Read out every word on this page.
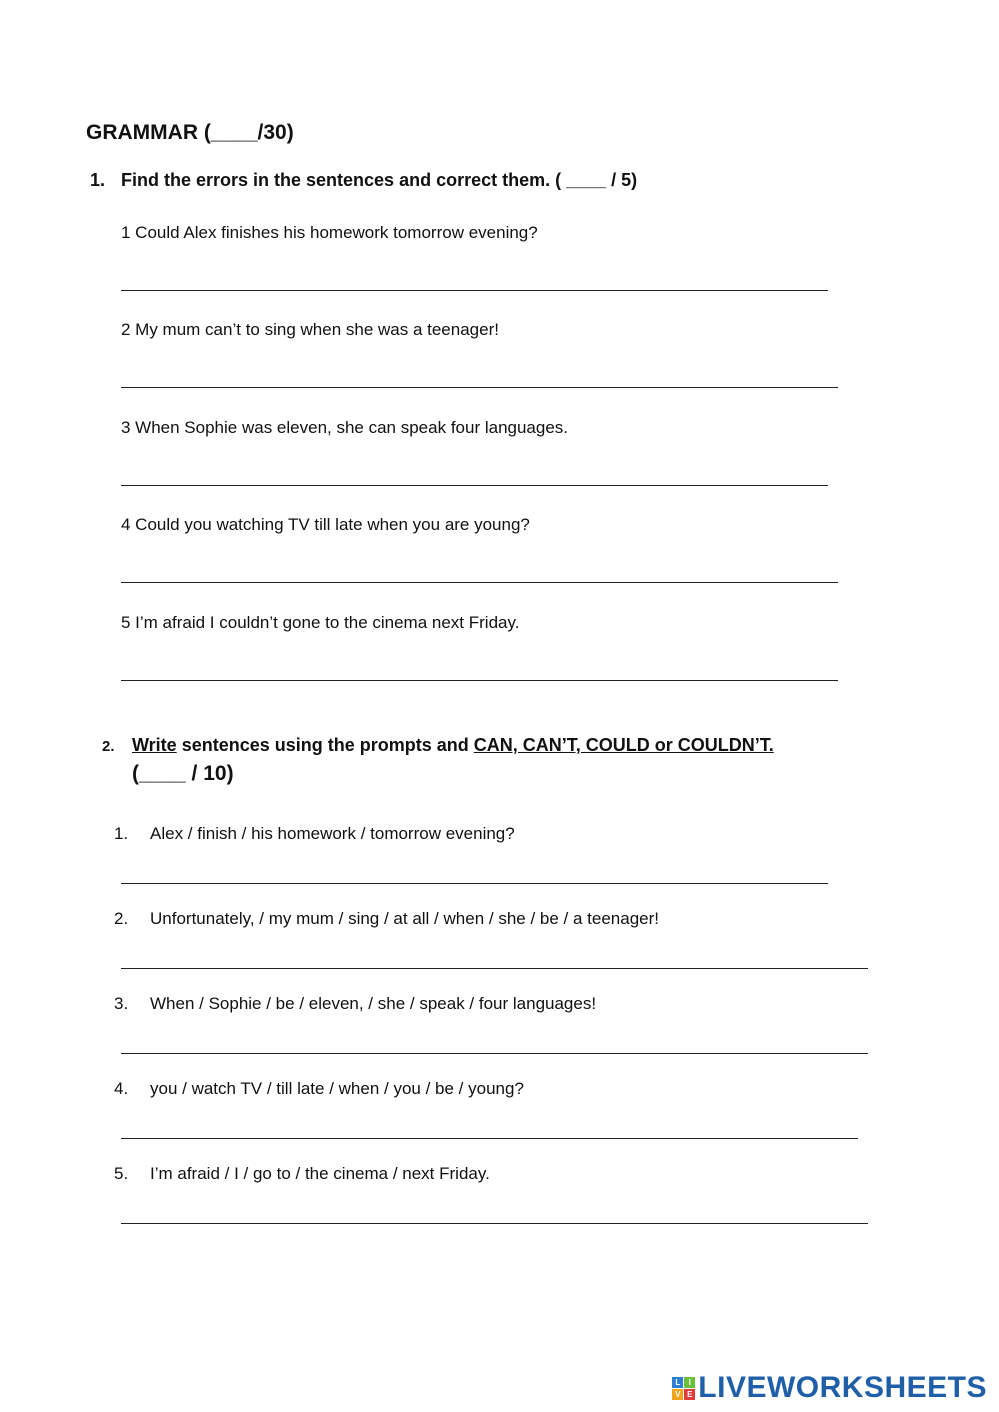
GRAMMAR (____/30)
1. Find the errors in the sentences and correct them. ( ____ / 5)
1 Could Alex finishes his homework tomorrow evening?
2 My mum can’t to sing when she was a teenager!
3 When Sophie was eleven, she can speak four languages.
4 Could you watching TV till late when you are young?
5 I’m afraid I couldn’t gone to the cinema next Friday.
2. Write sentences using the prompts and CAN, CAN’T, COULD or COULDN’T.
(____ / 10)
1. Alex / finish / his homework / tomorrow evening?
2. Unfortunately, / my mum / sing / at all / when / she / be / a teenager!
3. When / Sophie / be / eleven, / she / speak / four languages!
4. you / watch TV / till late / when / you / be / young?
5. I’m afraid / I / go to / the cinema / next Friday.
L	I
V E LIVEWORKSHEETS
